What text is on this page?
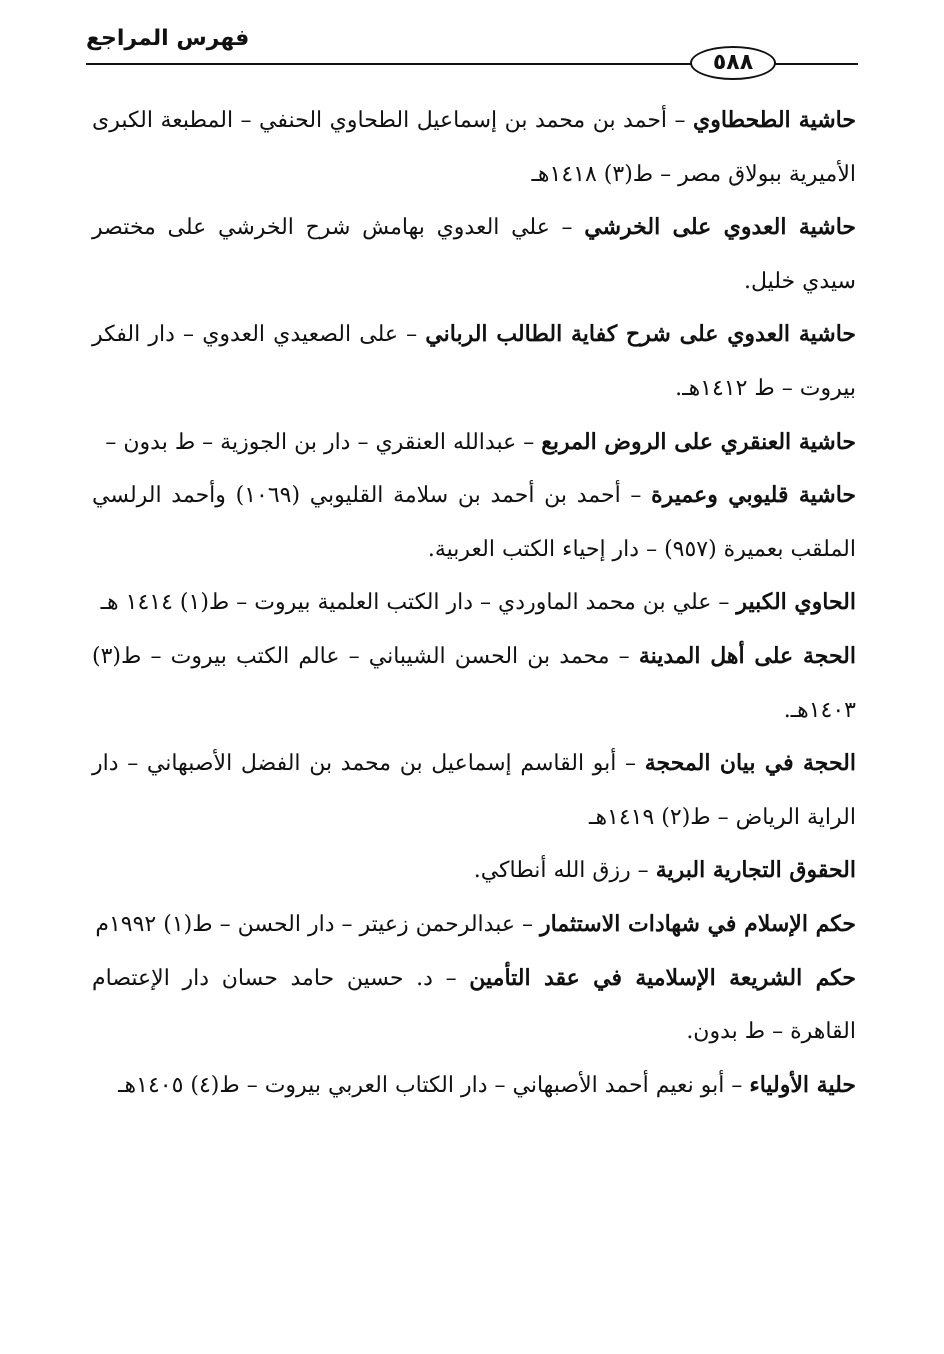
فهرس المراجع
٥٨٨

حاشية الطحطاوي – أحمد بن محمد بن إسماعيل الطحاوي الحنفي – المطبعة الكبرى الأميرية ببولاق مصر – ط(٣) ١٤١٨هـ

حاشية العدوي على الخرشي – علي العدوي بهامش شرح الخرشي على مختصر سيدي خليل.

حاشية العدوي على شرح كفاية الطالب الرباني – على الصعيدي العدوي – دار الفكر بيروت – ط ١٤١٢هـ.

حاشية العنقري على الروض المربع – عبدالله العنقري – دار بن الجوزية – ط بدون –

حاشية قليوبي وعميرة – أحمد بن أحمد بن سلامة القليوبي (١٠٦٩) وأحمد الرلسي الملقب بعميرة (٩٥٧) – دار إحياء الكتب العربية.

الحاوي الكبير – علي بن محمد الماوردي – دار الكتب العلمية بيروت – ط(١) ١٤١٤ هـ

الحجة على أهل المدينة – محمد بن الحسن الشيباني – عالم الكتب بيروت – ط(٣) ١٤٠٣هـ.

الحجة في بيان المحجة – أبو القاسم إسماعيل بن محمد بن الفضل الأصبهاني – دار الراية الرياض – ط(٢) ١٤١٩هـ

الحقوق التجارية البرية – رزق الله أنطاكي.

حكم الإسلام في شهادات الاستثمار – عبدالرحمن زعيتر – دار الحسن – ط(١) ١٩٩٢م

حكم الشريعة الإسلامية في عقد التأمين – د. حسين حامد حسان دار الإعتصام القاهرة – ط بدون.

حلية الأولياء – أبو نعيم أحمد الأصبهاني – دار الكتاب العربي بيروت – ط(٤) ١٤٠٥هـ
